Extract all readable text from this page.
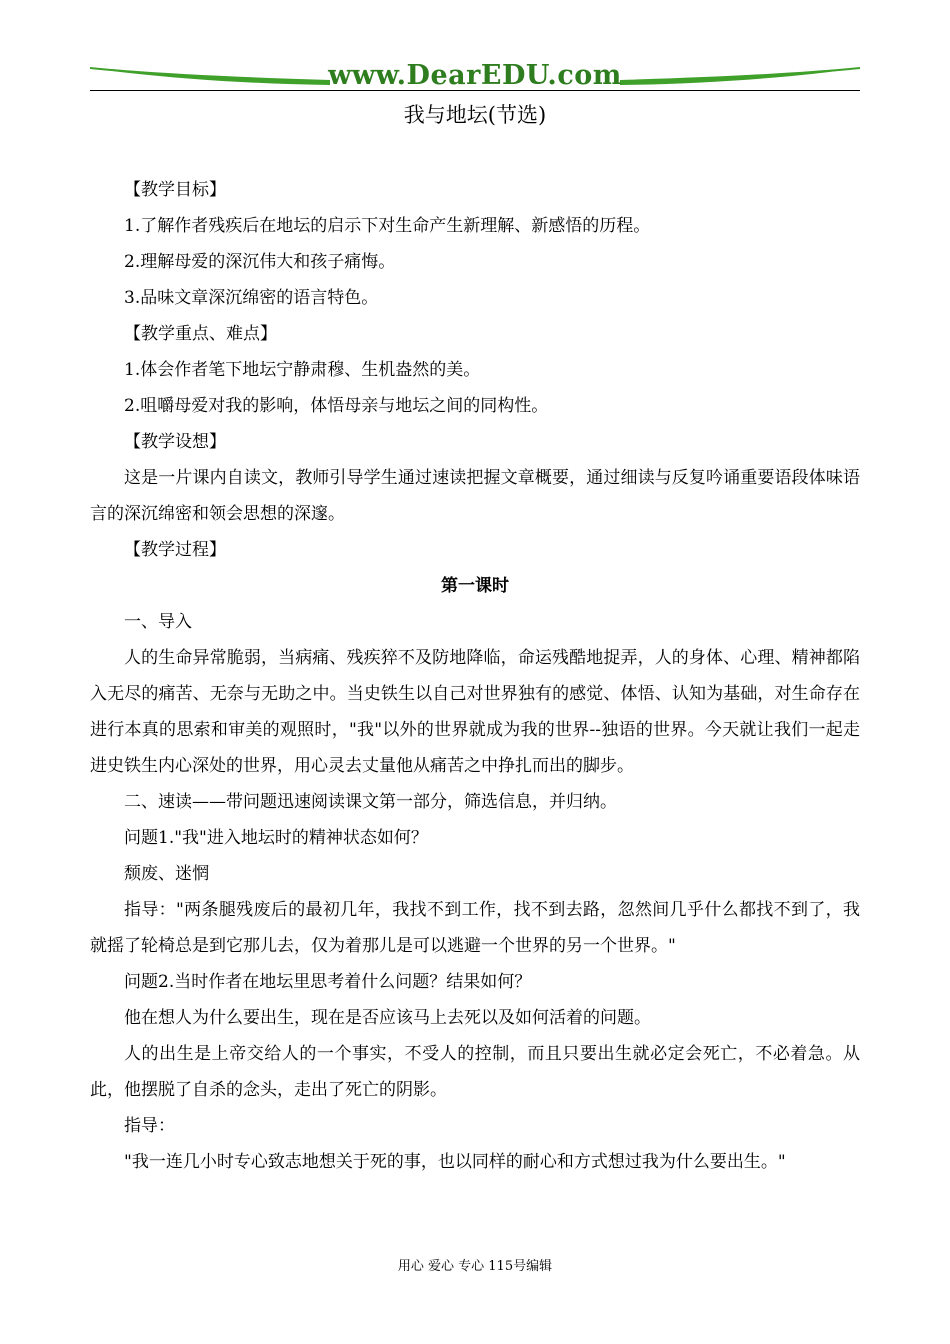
www.DearEDU.com
我与地坛(节选)

【教学目标】

1.了解作者残疾后在地坛的启示下对生命产生新理解、新感悟的历程。

2.理解母爱的深沉伟大和孩子痛悔。

3.品味文章深沉绵密的语言特色。

【教学重点、难点】

1.体会作者笔下地坛宁静肃穆、生机盎然的美。

2.咀嚼母爱对我的影响，体悟母亲与地坛之间的同构性。

【教学设想】

这是一片课内自读文，教师引导学生通过速读把握文章概要，通过细读与反复吟诵重要语段体味语言的深沉绵密和领会思想的深邃。

【教学过程】

第一课时

一、导入

人的生命异常脆弱，当病痛、残疾猝不及防地降临，命运残酷地捉弄，人的身体、心理、精神都陷入无尽的痛苦、无奈与无助之中。当史铁生以自己对世界独有的感觉、体悟、认知为基础，对生命存在进行本真的思索和审美的观照时，"我"以外的世界就成为我的世界--独语的世界。今天就让我们一起走进史铁生内心深处的世界，用心灵去丈量他从痛苦之中挣扎而出的脚步。

二、速读——带问题迅速阅读课文第一部分，筛选信息，并归纳。

问题1."我"进入地坛时的精神状态如何？

颓废、迷惘

指导："两条腿残废后的最初几年，我找不到工作，找不到去路，忽然间几乎什么都找不到了，我就摇了轮椅总是到它那儿去，仅为着那儿是可以逃避一个世界的另一个世界。"

问题2.当时作者在地坛里思考着什么问题？结果如何？

他在想人为什么要出生，现在是否应该马上去死以及如何活着的问题。

人的出生是上帝交给人的一个事实，不受人的控制，而且只要出生就必定会死亡，不必着急。从此，他摆脱了自杀的念头，走出了死亡的阴影。

指导：

"我一连几小时专心致志地想关于死的事，也以同样的耐心和方式想过我为什么要出生。"

用心 爱心 专心 115号编辑
